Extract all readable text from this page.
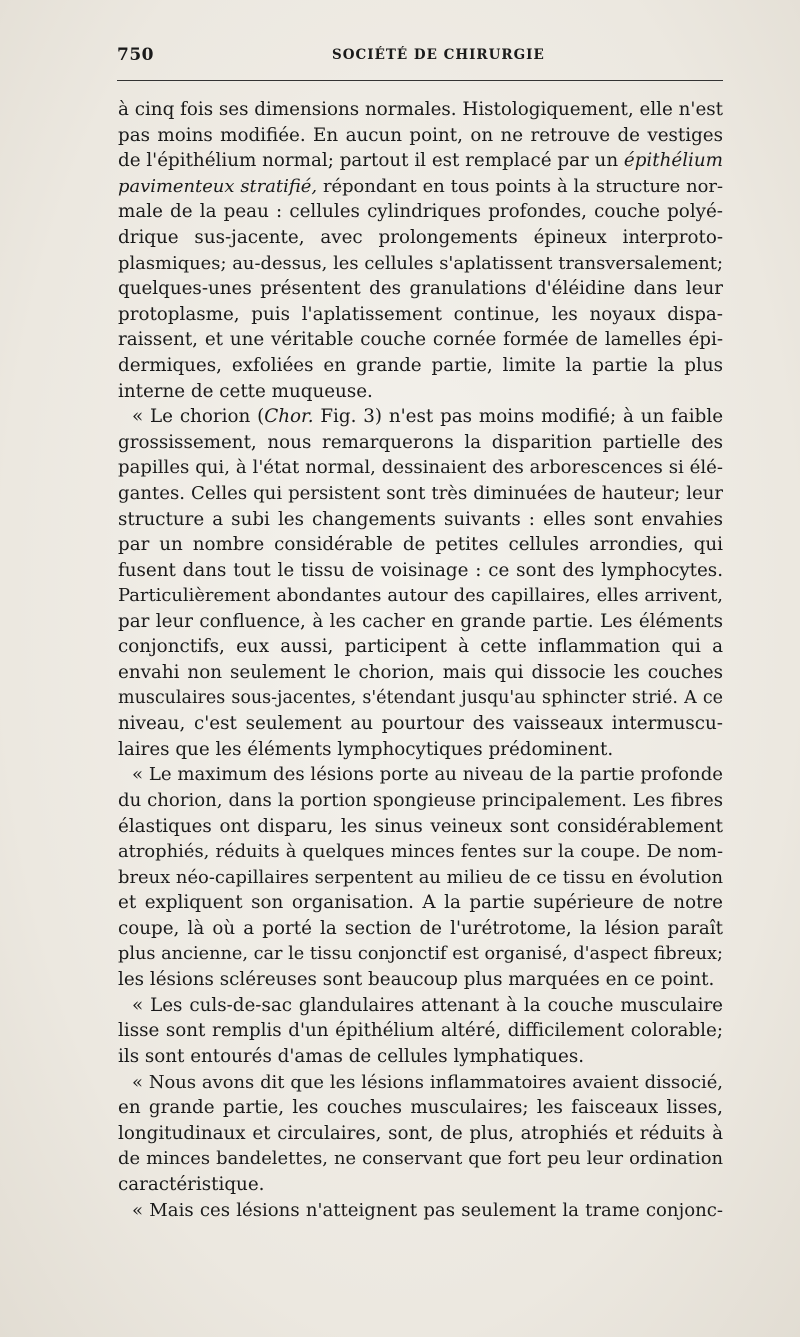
750	SOCIÉTÉ DE CHIRURGIE
à cinq fois ses dimensions normales. Histologiquement, elle n'est
pas moins modifiée. En aucun point, on ne retrouve de vestiges
de l'épithélium normal; partout il est remplacé par un épithélium
pavimenteux stratifié, répondant en tous points à la structure nor-
male de la peau : cellules cylindriques profondes, couche polyé-
drique sus-jacente, avec prolongements épineux interproto-
plasmiques; au-dessus, les cellules s'aplatissent transversalement;
quelques-unes présentent des granulations d'éléidine dans leur
protoplasme, puis l'aplatissement continue, les noyaux dispa-
raissent, et une véritable couche cornée formée de lamelles épi-
dermiques, exfoliées en grande partie, limite la partie la plus
interne de cette muqueuse.
« Le chorion (Chor. Fig. 3) n'est pas moins modifié; à un faible
grossissement, nous remarquerons la disparition partielle des
papilles qui, à l'état normal, dessinaient des arborescences si élé-
gantes. Celles qui persistent sont très diminuées de hauteur; leur
structure a subi les changements suivants : elles sont envahies
par un nombre considérable de petites cellules arrondies, qui
fusent dans tout le tissu de voisinage : ce sont des lymphocytes.
Particulièrement abondantes autour des capillaires, elles arrivent,
par leur confluence, à les cacher en grande partie. Les éléments
conjonctifs, eux aussi, participent à cette inflammation qui a
envahi non seulement le chorion, mais qui dissocie les couches
musculaires sous-jacentes, s'étendant jusqu'au sphincter strié. A ce
niveau, c'est seulement au pourtour des vaisseaux intermuscu-
laires que les éléments lymphocytiques prédominent.
« Le maximum des lésions porte au niveau de la partie profonde
du chorion, dans la portion spongieuse principalement. Les fibres
élastiques ont disparu, les sinus veineux sont considérablement
atrophiés, réduits à quelques minces fentes sur la coupe. De nom-
breux néo-capillaires serpentent au milieu de ce tissu en évolution
et expliquent son organisation. A la partie supérieure de notre
coupe, là où a porté la section de l'urétrotome, la lésion paraît
plus ancienne, car le tissu conjonctif est organisé, d'aspect fibreux;
les lésions scléreuses sont beaucoup plus marquées en ce point.
« Les culs-de-sac glandulaires attenant à la couche musculaire
lisse sont remplis d'un épithélium altéré, difficilement colorable;
ils sont entourés d'amas de cellules lymphatiques.
« Nous avons dit que les lésions inflammatoires avaient dissocié,
en grande partie, les couches musculaires; les faisceaux lisses,
longitudinaux et circulaires, sont, de plus, atrophiés et réduits à
de minces bandelettes, ne conservant que fort peu leur ordination
caractéristique.
« Mais ces lésions n'atteignent pas seulement la trame conjonc-
